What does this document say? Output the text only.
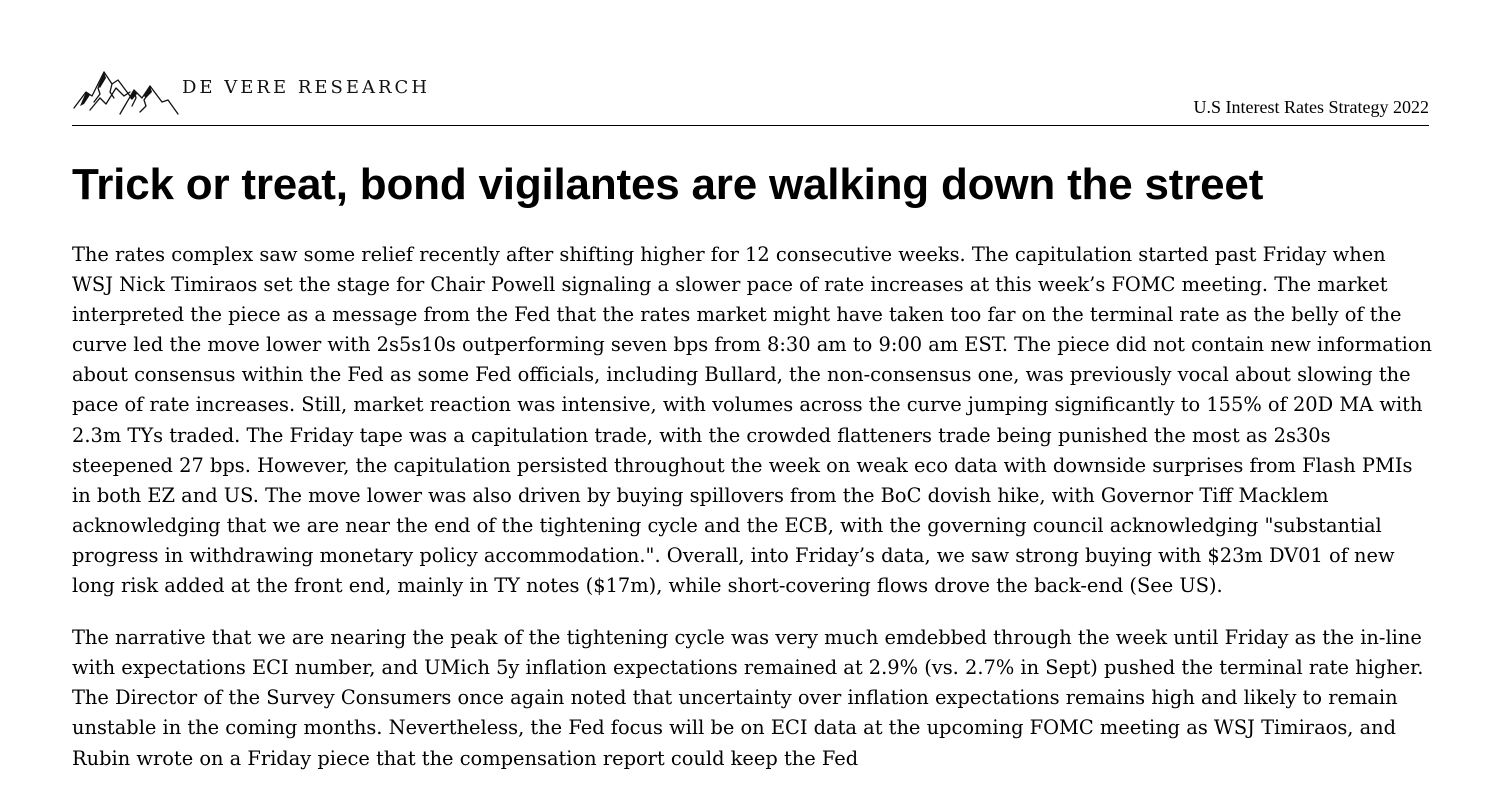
DE VERE RESEARCH
U.S Interest Rates Strategy 2022
Trick or treat, bond vigilantes are walking down the street

The rates complex saw some relief recently after shifting higher for 12 consecutive weeks. The capitulation started past Friday when WSJ Nick Timiraos set the stage for Chair Powell signaling a slower pace of rate increases at this week’s FOMC meeting. The market interpreted the piece as a message from the Fed that the rates market might have taken too far on the terminal rate as the belly of the curve led the move lower with 2s5s10s outperforming seven bps from 8:30 am to 9:00 am EST. The piece did not contain new information about consensus within the Fed as some Fed officials, including Bullard, the non-consensus one, was previously vocal about slowing the pace of rate increases. Still, market reaction was intensive, with volumes across the curve jumping significantly to 155% of 20D MA with 2.3m TYs traded. The Friday tape was a capitulation trade, with the crowded flatteners trade being punished the most as 2s30s steepened 27 bps. However, the capitulation persisted throughout the week on weak eco data with downside surprises from Flash PMIs in both EZ and US. The move lower was also driven by buying spillovers from the BoC dovish hike, with Governor Tiff Macklem acknowledging that we are near the end of the tightening cycle and the ECB, with the governing council acknowledging "substantial progress in withdrawing monetary policy accommodation.". Overall, into Friday’s data, we saw strong buying with $23m DV01 of new long risk added at the front end, mainly in TY notes ($17m), while short-covering flows drove the back-end (See US).

The narrative that we are nearing the peak of the tightening cycle was very much emdebbed through the week until Friday as the in-line with expectations ECI number, and UMich 5y inflation expectations remained at 2.9% (vs. 2.7% in Sept) pushed the terminal rate higher. The Director of the Survey Consumers once again noted that uncertainty over inflation expectations remains high and likely to remain unstable in the coming months. Nevertheless, the Fed focus will be on ECI data at the upcoming FOMC meeting as WSJ Timiraos, and Rubin wrote on a Friday piece that the compensation report could keep the Fed
